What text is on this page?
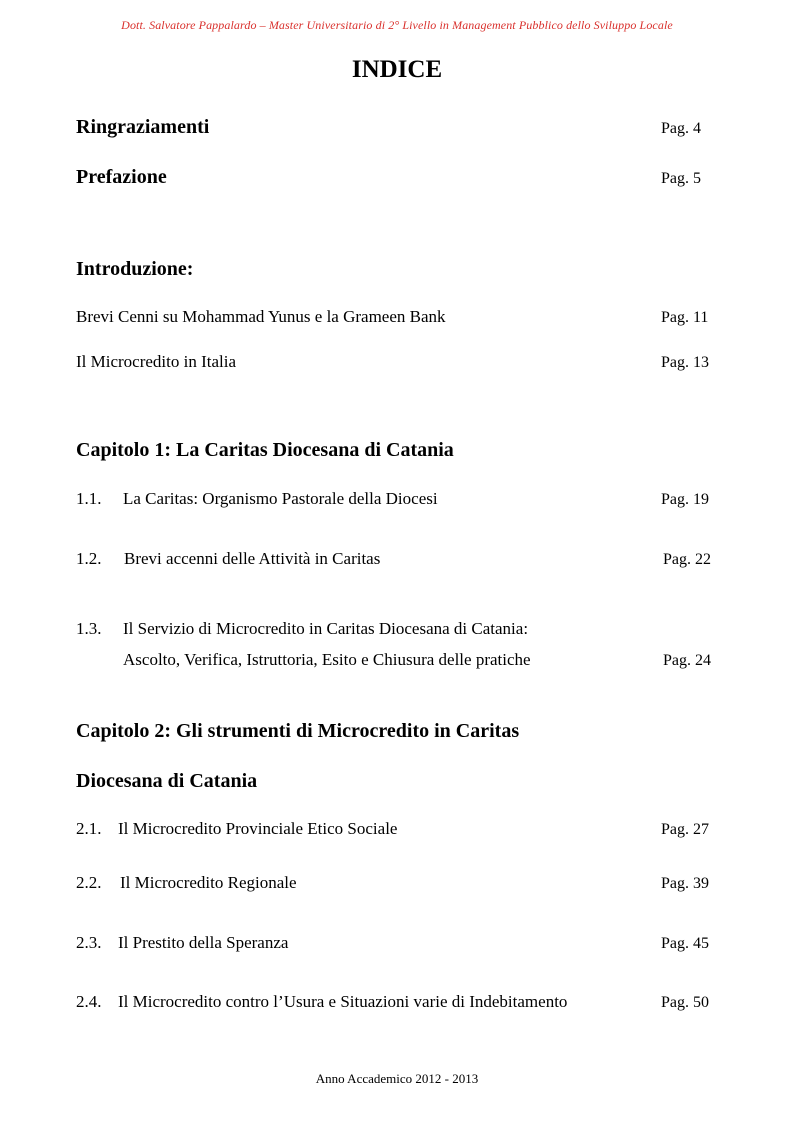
Dott. Salvatore Pappalardo – Master Universitario di 2° Livello in Management Pubblico dello Sviluppo Locale
INDICE
Ringraziamenti	Pag. 4
Prefazione	Pag. 5
Introduzione:
Brevi Cenni su Mohammad Yunus e la Grameen Bank	Pag. 11
Il Microcredito in Italia	Pag. 13
Capitolo 1: La Caritas Diocesana di Catania
1.1. La Caritas: Organismo Pastorale della Diocesi	Pag. 19
1.2. Brevi accenni delle Attività in Caritas	Pag. 22
1.3. Il Servizio di Microcredito in Caritas Diocesana di Catania:
Ascolto, Verifica, Istruttoria, Esito e Chiusura delle pratiche	Pag. 24
Capitolo 2: Gli strumenti di Microcredito in Caritas
Diocesana di Catania
2.1. Il Microcredito Provinciale Etico Sociale	Pag. 27
2.2. Il Microcredito Regionale	Pag. 39
2.3. Il Prestito della Speranza	Pag. 45
2.4. Il Microcredito contro l’Usura e Situazioni varie di Indebitamento	Pag. 50
Anno Accademico 2012 - 2013
